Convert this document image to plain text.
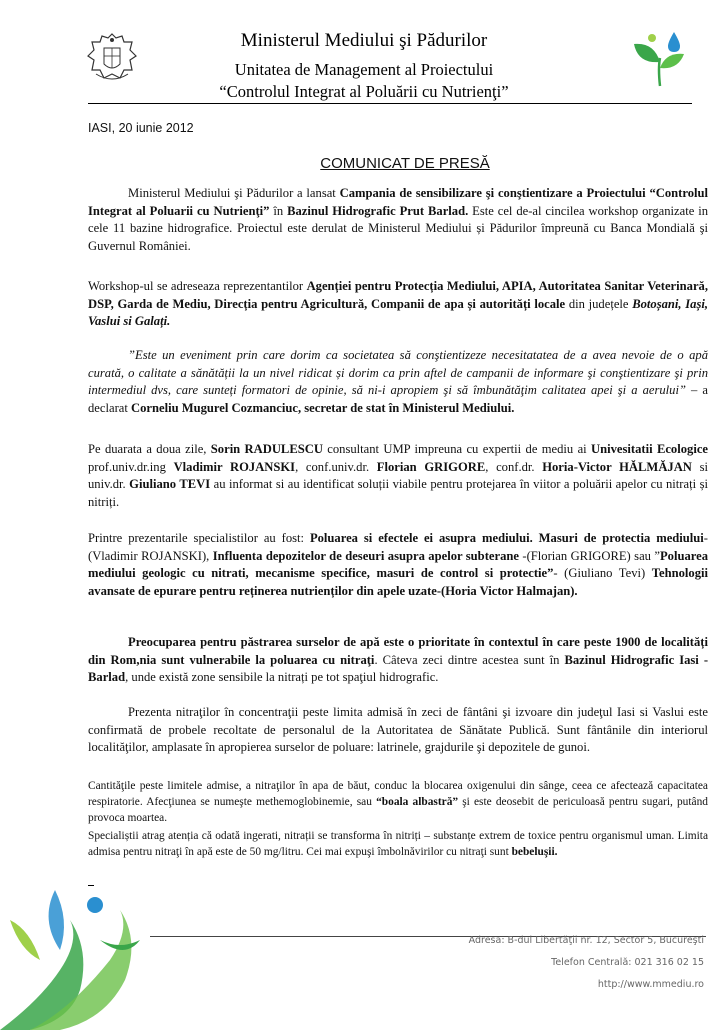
Ministerul Mediului şi Pădurilor
Unitatea de Management al Proiectului
“Controlul Integrat al Poluării cu Nutrienţi”
IASI, 20 iunie 2012
COMUNICAT DE PRESĂ
Ministerul Mediului şi Pădurilor a lansat Campania de sensibilizare şi conştientizare a Proiectului “Controlul Integrat al Poluarii cu Nutrienţi” în Bazinul Hidrografic Prut Barlad. Este cel de-al cincilea workshop organizate in cele 11 bazine hidrografice. Proiectul este derulat de Ministerul Mediului și Pădurilor împreună cu Banca Mondială şi Guvernul României.
Workshop-ul se adreseaza reprezentantilor Agenției pentru Protecția Mediului, APIA, Autoritatea Sanitar Veterinară, DSP, Garda de Mediu, Direcția pentru Agricultură, Companii de apa și autorități locale din județele Botoșani, Iași, Vaslui si Galați.
”Este un eveniment prin care dorim ca societatea să conştientizeze necesitatatea de a avea nevoie de o apă curată, o calitate a sănătății la un nivel ridicat și dorim ca prin aftel de campanii de informare şi conştientizare şi prin intermediul dvs, care sunteți formatori de opinie, să ni-i apropiem şi să îmbunătăţim calitatea apei şi a aerului” – a declarat Corneliu Mugurel Cozmanciuc, secretar de stat în Ministerul Mediului.
Pe duarata a doua zile, Sorin RADULESCU consultant UMP impreuna cu expertii de mediu ai Univesitatii Ecologice prof.univ.dr.ing Vladimir ROJANSKI, conf.univ.dr. Florian GRIGORE, conf.dr. Horia-Victor HĂLMĂJAN si univ.dr. Giuliano TEVI au informat si au identificat soluții viabile pentru protejarea în viitor a poluării apelor cu nitrați și nitriți.
Printre prezentarile specialistilor au fost: Poluarea si efectele ei asupra mediului. Masuri de protectia mediului- (Vladimir ROJANSKI), Influenta depozitelor de deseuri asupra apelor subterane -(Florian GRIGORE) sau ”Poluarea mediului geologic cu nitrati, mecanisme specifice, masuri de control si protectie”- (Giuliano Tevi) Tehnologii avansate de epurare pentru reținerea nutrienților din apele uzate-(Horia Victor Halmajan).
Preocuparea pentru păstrarea surselor de apă este o prioritate în contextul în care peste 1900 de localități din Rom,nia sunt vulnerabile la poluarea cu nitraţi. Câteva zeci dintre acestea sunt în Bazinul Hidrografic Iasi -Barlad, unde există zone sensibile la nitrați pe tot spaţiul hidrografic.
Prezenta nitraţilor în concentraţii peste limita admisă în zeci de fântâni şi izvoare din judeţul Iasi si Vaslui este confirmată de probele recoltate de personalul de la Autoritatea de Sănătate Publică. Sunt fântânile din interiorul localităţilor, amplasate în apropierea surselor de poluare: latrinele, grajdurile şi depozitele de gunoi.
Cantităţile peste limitele admise, a nitraţilor în apa de băut, conduc la blocarea oxigenului din sânge, ceea ce afectează capacitatea respiratorie. Afecţiunea se numeşte methemoglobinemie, sau “boala albastră” şi este deosebit de periculoasă pentru sugari, putând provoca moartea.
Specialiștii atrag atenția că odată ingerati, nitrații se transforma în nitriți – substanțe extrem de toxice pentru organismul uman. Limita admisa pentru nitraţi în apă este de 50 mg/litru. Cei mai expuşi îmbolnăvirilor cu nitraţi sunt bebeluşii.
Adresa: B-dul Libertăţii nr. 12, Sector 5, Bucureşti
Telefon Centrală: 021 316 02 15
http://www.mmediu.ro
